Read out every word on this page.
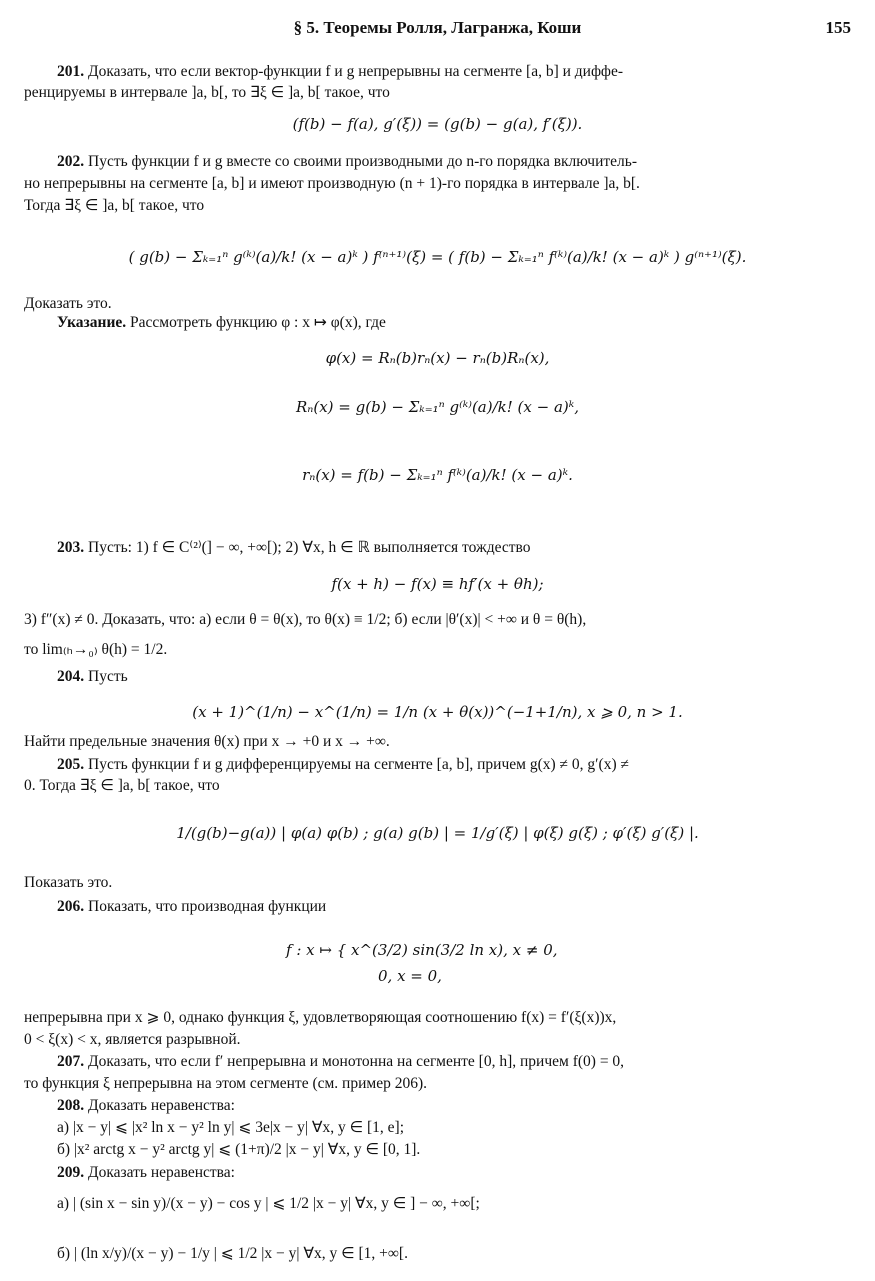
§ 5. Теоремы Ролля, Лагранжа, Коши	155
201. Доказать, что если вектор-функции f и g непрерывны на сегменте [a, b] и диффе-
ренцируемы в интервале ]a, b[, то ∃ξ ∈ ]a, b[ такое, что
(f(b) − f(a), g′(ξ)) = (g(b) − g(a), f′(ξ)).
202. Пусть функции f и g вместе со своими производными до n-го порядка включитель-
но непрерывны на сегменте [a, b] и имеют производную (n + 1)-го порядка в интервале ]a, b[.
Тогда ∃ξ ∈ ]a, b[ такое, что
( g(b) − Σₖ₌₁ⁿ g⁽ᵏ⁾(a)/k! (x − a)ᵏ ) f⁽ⁿ⁺¹⁾(ξ) = ( f(b) − Σₖ₌₁ⁿ f⁽ᵏ⁾(a)/k! (x − a)ᵏ ) g⁽ⁿ⁺¹⁾(ξ).
Доказать это.
Указание. Рассмотреть функцию φ : x ↦ φ(x), где
φ(x) = Rₙ(b)rₙ(x) − rₙ(b)Rₙ(x),
Rₙ(x) = g(b) − Σₖ₌₁ⁿ g⁽ᵏ⁾(a)/k! (x − a)ᵏ,
rₙ(x) = f(b) − Σₖ₌₁ⁿ f⁽ᵏ⁾(a)/k! (x − a)ᵏ.
203. Пусть: 1) f ∈ C⁽²⁾(] − ∞, +∞[); 2) ∀x, h ∈ ℝ выполняется тождество
f(x + h) − f(x) ≡ hf′(x + θh);
3) f″(x) ≠ 0. Доказать, что: а) если θ = θ(x), то θ(x) ≡ 1/2; б) если |θ′(x)| < +∞ и θ = θ(h),
то lim₍ₕ→₀₎ θ(h) = 1/2.
204. Пусть
(x + 1)^(1/n) − x^(1/n) = 1/n (x + θ(x))^(−1+1/n), x ⩾ 0, n > 1.
Найти предельные значения θ(x) при x → +0 и x → +∞.
205. Пусть функции f и g дифференцируемы на сегменте [a, b], причем g(x) ≠ 0, g′(x) ≠
0. Тогда ∃ξ ∈ ]a, b[ такое, что
1/(g(b)−g(a)) | φ(a) φ(b) ; g(a) g(b) | = 1/g′(ξ) | φ(ξ) g(ξ) ; φ′(ξ) g′(ξ) |.
Показать это.
206. Показать, что производная функции
f : x ↦ { x^(3/2) sin(3/2 ln x), x ≠ 0,
0, x = 0,
непрерывна при x ⩾ 0, однако функция ξ, удовлетворяющая соотношению f(x) = f′(ξ(x))x,
0 < ξ(x) < x, является разрывной.
207. Доказать, что если f′ непрерывна и монотонна на сегменте [0, h], причем f(0) = 0,
то функция ξ непрерывна на этом сегменте (см. пример 206).
208. Доказать неравенства:
а) |x − y| ⩽ |x² ln x − y² ln y| ⩽ 3e|x − y| ∀x, y ∈ [1, e];
б) |x² arctg x − y² arctg y| ⩽ (1+π)/2 |x − y| ∀x, y ∈ [0, 1].
209. Доказать неравенства:
а) | (sin x − sin y)/(x − y) − cos y | ⩽ 1/2 |x − y| ∀x, y ∈ ] − ∞, +∞[;
б) | (ln x/y)/(x − y) − 1/y | ⩽ 1/2 |x − y| ∀x, y ∈ [1, +∞[.
